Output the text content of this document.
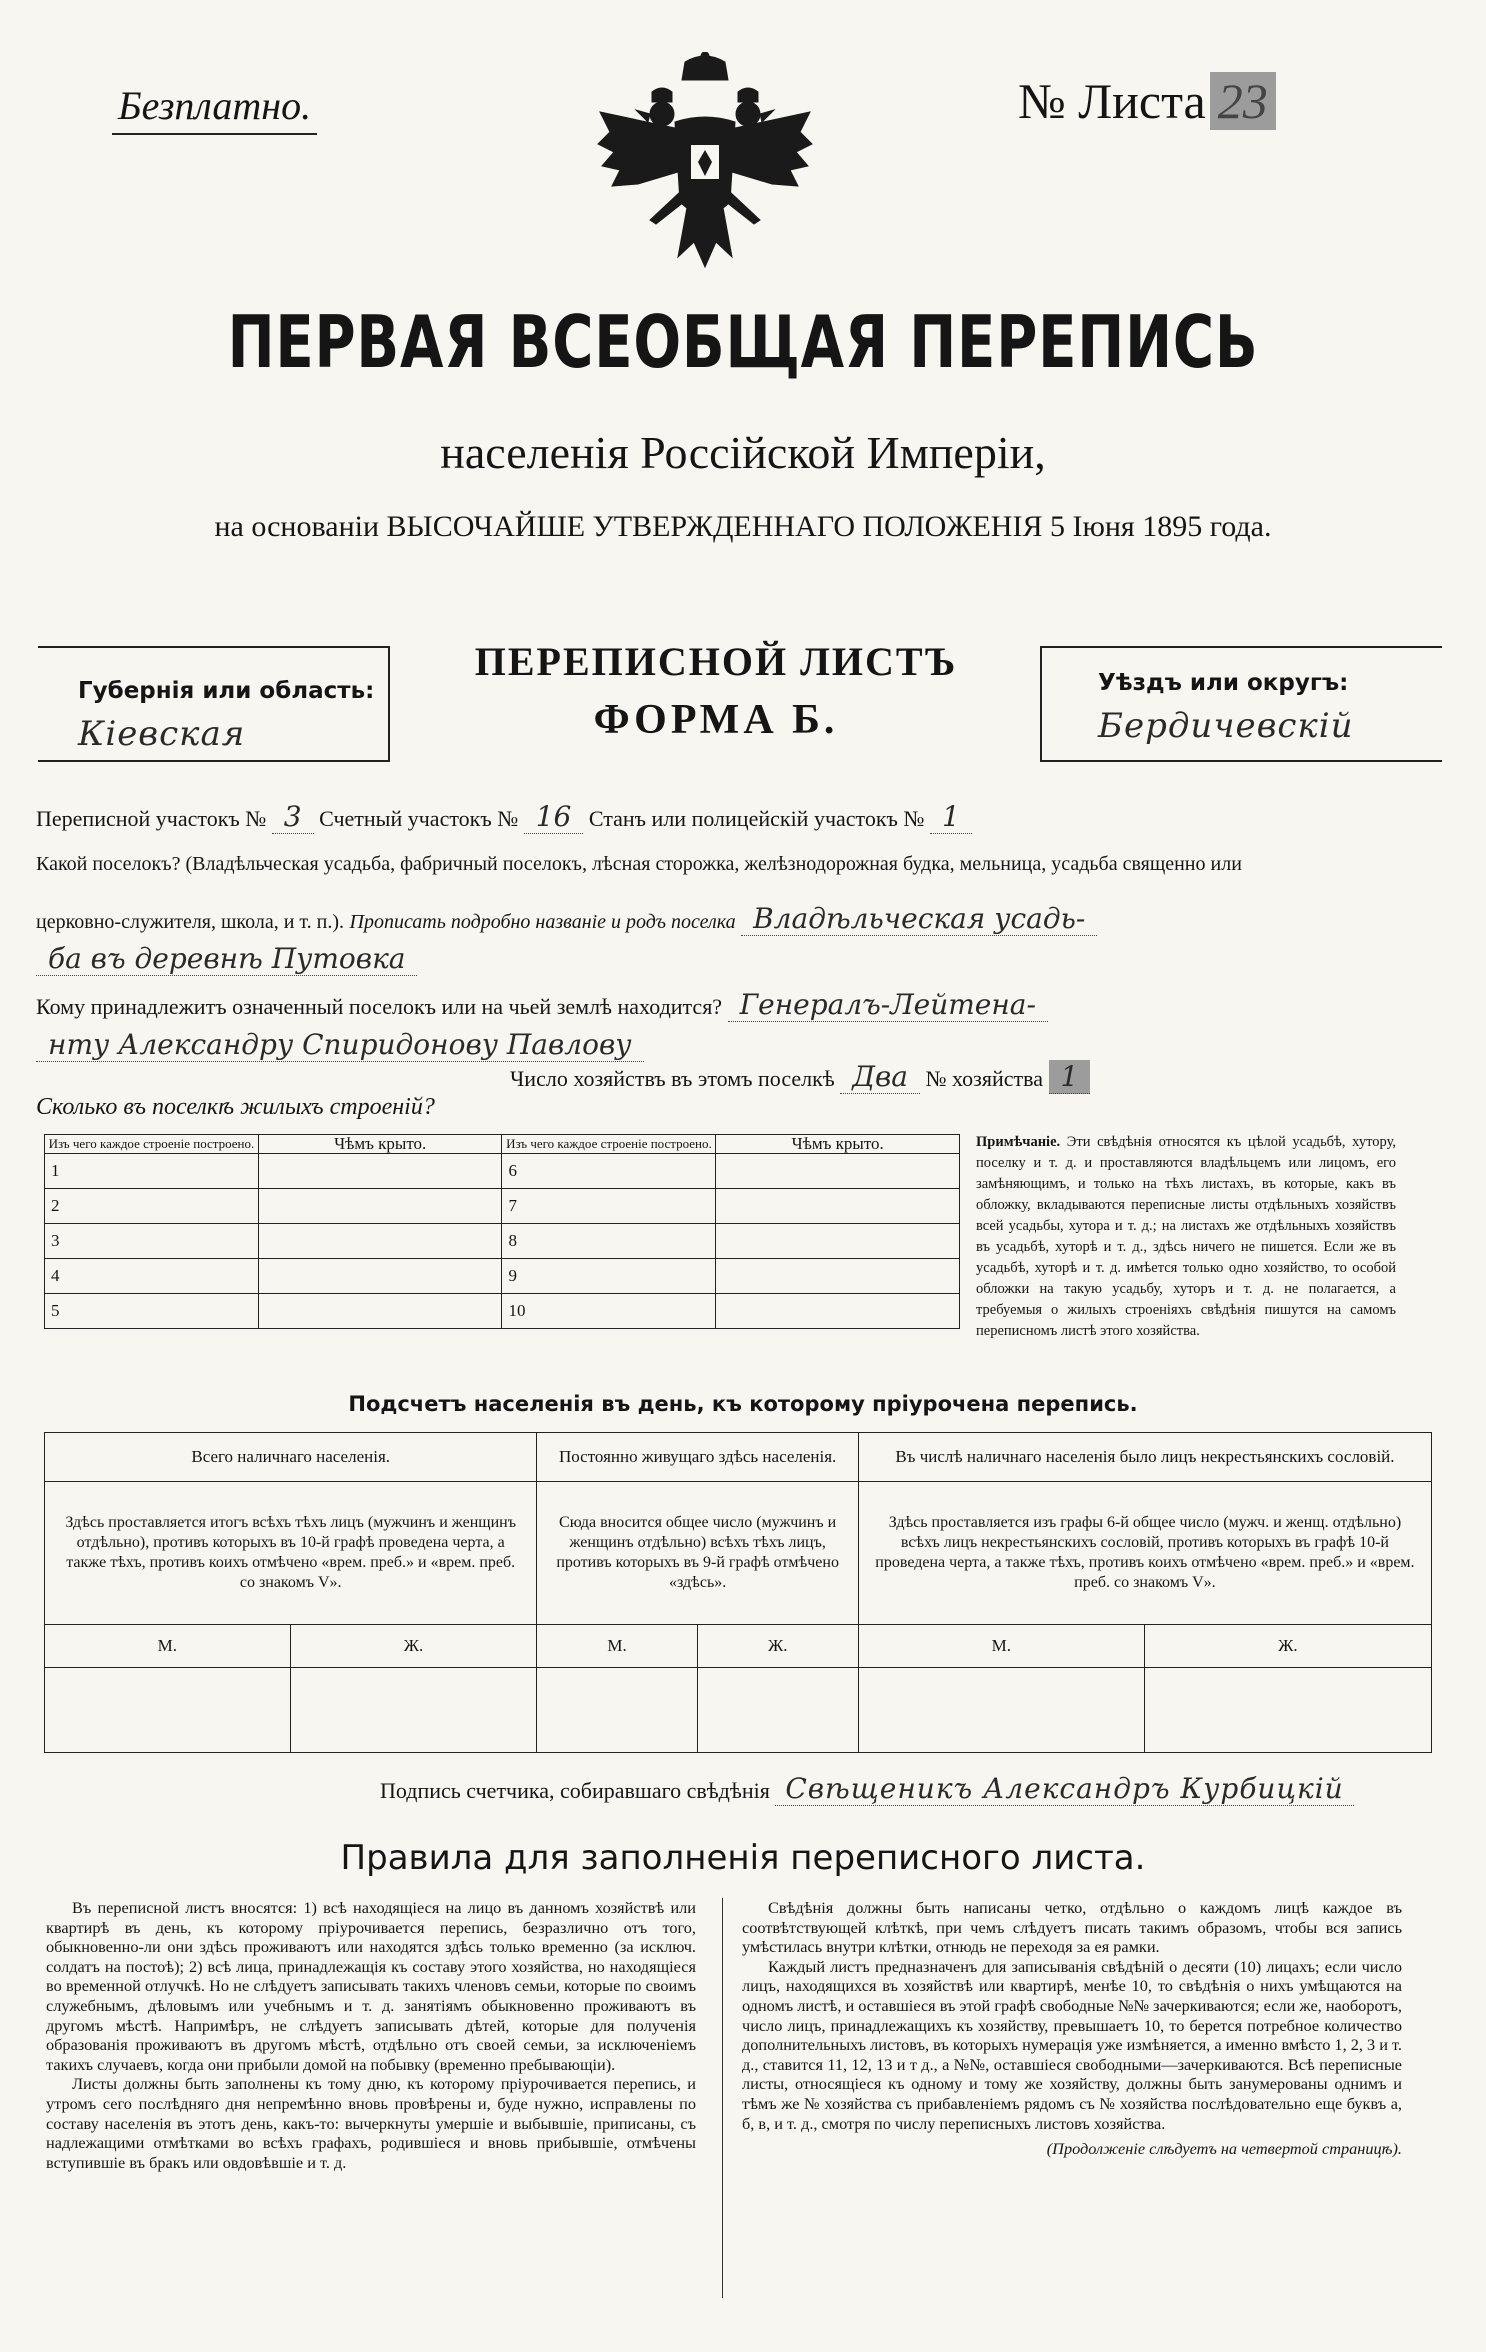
Безплатно.	№ Листа 23
ПЕРВАЯ ВСЕОБЩАЯ ПЕРЕПИСЬ
населенія Россійской Имперіи,
на основаніи ВЫСОЧАЙШЕ УТВЕРЖДЕННАГО ПОЛОЖЕНІЯ 5 Іюня 1895 года.
Губернія или область:
Кіевская
ПЕРЕПИСНОЙ ЛИСТЪ
ФОРМА Б.
Уѣздъ или округъ:
Бердичевскій
Переписной участокъ № 3 Счетный участокъ № 16 Станъ или полицейскій участокъ № 1
Какой поселокъ? (Владѣльческая усадьба, фабричный поселокъ, лѣсная сторожка, желѣзнодорожная будка, мельница, усадьба священно или
церковно-служителя, школа, и т. п.). Прописать подробно названіе и родъ поселка Владѣльческая усадь-
ба въ деревнѣ Путовка
Кому принадлежитъ означенный поселокъ или на чьей землѣ находится? Генералъ-Лейтена-
нту Александру Спиридонову Павлову
Число хозяйствъ въ этомъ поселкѣ Два № хозяйства 1
Сколько въ поселкѣ жилыхъ строеній?
Изъ чего каждое строеніе построено.	Чѣмъ крыто.	Изъ чего каждое строеніе построено.	Чѣмъ крыто.
1		6	
2		7	
3		8	
4		9	
5		10	
Примѣчаніе. Эти свѣдѣнія относятся къ цѣлой усадьбѣ, хутору, поселку и т. д. и проставляются владѣльцемъ или лицомъ, его замѣняющимъ, и только на тѣхъ листахъ, въ которые, какъ въ обложку, вкладываются переписные листы отдѣльныхъ хозяйствъ всей усадьбы, хутора и т. д.; на листахъ же отдѣльныхъ хозяйствъ въ усадьбѣ, хуторѣ и т. д., здѣсь ничего не пишется. Если же въ усадьбѣ, хуторѣ и т. д. имѣется только одно хозяйство, то особой обложки на такую усадьбу, хуторъ и т. д. не полагается, а требуемыя о жилыхъ строеніяхъ свѣдѣнія пишутся на самомъ переписномъ листѣ этого хозяйства.
Подсчетъ населенія въ день, къ которому пріурочена перепись.
Всего наличнаго населенія.		Постоянно живущаго здѣсь населенія.		Въ числѣ наличнаго населенія было лицъ некрестьянскихъ сословій.	
Здѣсь проставляется итогъ всѣхъ тѣхъ лицъ (мужчинъ и женщинъ отдѣльно), противъ которыхъ въ 10-й графѣ проведена черта, а также тѣхъ, противъ коихъ отмѣчено «врем. преб.» и «врем. преб. со знакомъ V».		Сюда вносится общее число (мужчинъ и женщинъ отдѣльно) всѣхъ тѣхъ лицъ, противъ которыхъ въ 9-й графѣ отмѣчено «здѣсь».		Здѣсь проставляется изъ графы 6-й общее число (мужч. и женщ. отдѣльно) всѣхъ лицъ некрестьянскихъ сословій, противъ которыхъ въ графѣ 10-й проведена черта, а также тѣхъ, противъ коихъ отмѣчено «врем. преб.» и «врем. преб. со знакомъ V».	
М.	Ж.	М.	Ж.	М.	Ж.

Подпись счетчика, собиравшаго свѣдѣнія Свѣщеникъ Александръ Курбицкій
Правила для заполненія переписного листа.

Въ переписной листъ вносятся: 1) всѣ находящіеся на лицо въ данномъ хозяйствѣ или квартирѣ въ день, къ которому пріурочивается перепись, безразлично отъ того, обыкновенно-ли они здѣсь проживаютъ или находятся здѣсь только временно (за исключ. солдатъ на постоѣ); 2) всѣ лица, принадлежащія къ составу этого хозяйства, но находящіеся во временной отлучкѣ. Но не слѣдуетъ записывать такихъ членовъ семьи, которые по своимъ служебнымъ, дѣловымъ или учебнымъ и т. д. занятіямъ обыкновенно проживаютъ въ другомъ мѣстѣ. Напримѣръ, не слѣдуетъ записывать дѣтей, которые для полученія образованія проживаютъ въ другомъ мѣстѣ, отдѣльно отъ своей семьи, за исключеніемъ такихъ случаевъ, когда они прибыли домой на побывку (временно пребывающіи).

Листы должны быть заполнены къ тому дню, къ которому пріурочивается перепись, и утромъ сего послѣдняго дня непремѣнно вновь провѣрены и, буде нужно, исправлены по составу населенія въ этотъ день, какъ-то: вычеркнуты умершіе и выбывшіе, приписаны, съ надлежащими отмѣтками во всѣхъ графахъ, родившіеся и вновь прибывшіе, отмѣчены вступившіе въ бракъ или овдовѣвшіе и т. д.

Свѣдѣнія должны быть написаны четко, отдѣльно о каждомъ лицѣ каждое въ соотвѣтствующей клѣткѣ, при чемъ слѣдуетъ писать такимъ образомъ, чтобы вся запись умѣстилась внутри клѣтки, отнюдь не переходя за ея рамки.

Каждый листъ предназначенъ для записыванія свѣдѣній о десяти (10) лицахъ; если число лицъ, находящихся въ хозяйствѣ или квартирѣ, менѣе 10, то свѣдѣнія о нихъ умѣщаются на одномъ листѣ, и оставшіеся въ этой графѣ свободные №№ зачеркиваются; если же, наоборотъ, число лицъ, принадлежащихъ къ хозяйству, превышаетъ 10, то берется потребное количество дополнительныхъ листовъ, въ которыхъ нумерація уже измѣняется, а именно вмѣсто 1, 2, 3 и т. д., ставится 11, 12, 13 и т д., а №№, оставшіеся свободными—зачеркиваются. Всѣ переписные листы, относящіеся къ одному и тому же хозяйству, должны быть занумерованы однимъ и тѣмъ же № хозяйства съ прибавленіемъ рядомъ съ № хозяйства послѣдовательно еще буквъ а, б, в, и т. д., смотря по числу переписныхъ листовъ хозяйства.

(Продолженіе слѣдуетъ на четвертой страницѣ).
